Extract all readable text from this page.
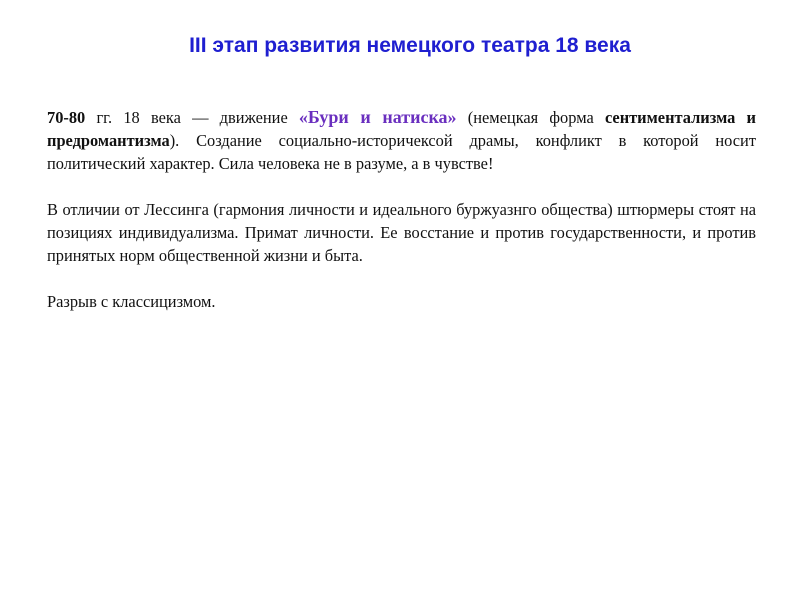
III этап развития немецкого театра 18 века

70-80 гг. 18 века — движение «Бури и натиска» (немецкая форма сентиментализма и предромантизма). Создание социально-историчексой драмы, конфликт в которой носит политический характер. Сила человека не в разуме, а в чувстве!

В отличии от Лессинга (гармония личности и идеального буржуазнго общества) штюрмеры стоят на позициях индивидуализма. Примат личности. Ее восстание и против государственности, и против принятых норм общественной жизни и быта.

Разрыв с классицизмом.
